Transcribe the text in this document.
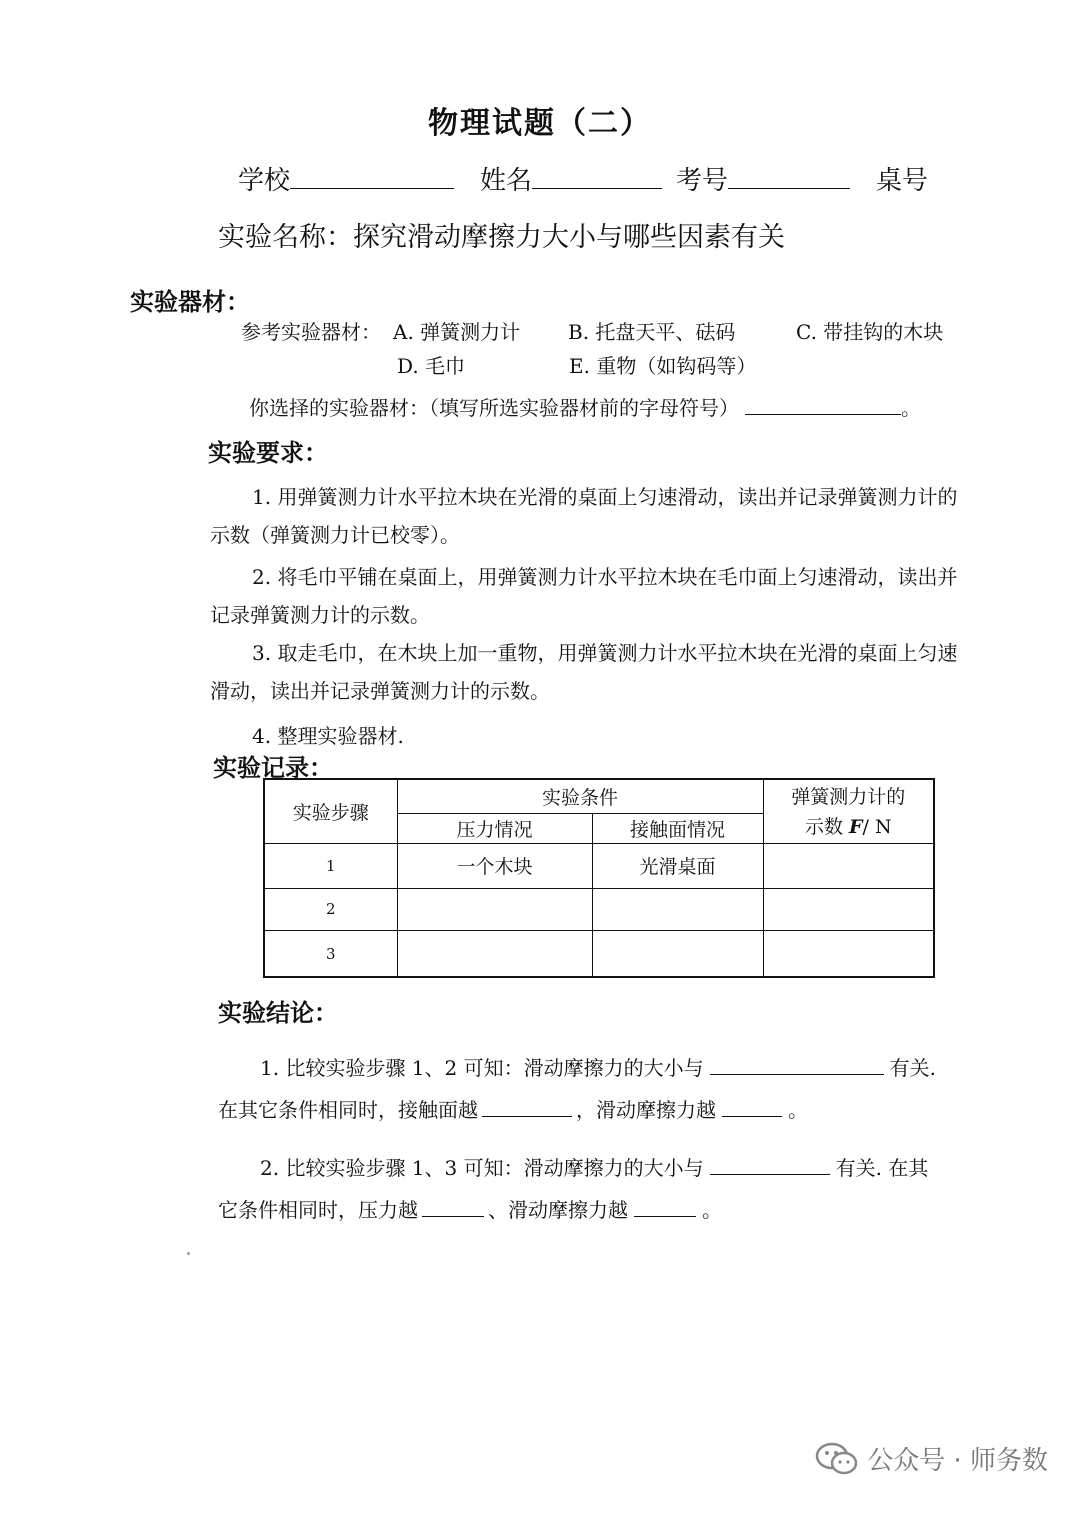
物理试题（二）
学校	姓名	考号	桌号
实验名称：探究滑动摩擦力大小与哪些因素有关
实验器材：
参考实验器材： A. 弹簧测力计 B. 托盘天平、砝码	C. 带挂钩的木块
D. 毛巾	E. 重物（如钩码等）
你选择的实验器材：（填写所选实验器材前的字母符号）	。
实验要求：
1. 用弹簧测力计水平拉木块在光滑的桌面上匀速滑动，读出并记录弹簧测力计的示数（弹簧测力计已校零）。
2. 将毛巾平铺在桌面上，用弹簧测力计水平拉木块在毛巾面上匀速滑动，读出并记录弹簧测力计的示数。
3. 取走毛巾，在木块上加一重物，用弹簧测力计水平拉木块在光滑的桌面上匀速滑动，读出并记录弹簧测力计的示数。
4. 整理实验器材.
实验记录：
实验步骤	实验条件		弹簧测力计的
示数 F/ N

	压力情况	接触面情况	
1	一个木块	光滑桌面	
2			
3			
实验结论：
1. 比较实验步骤 1、2 可知：滑动摩擦力的大小与	有关.
在其它条件相同时，接触面越	，滑动摩擦力越	。
2. 比较实验步骤 1、3 可知：滑动摩擦力的大小与	有关. 在其
它条件相同时，压力越	、滑动摩擦力越	。
公众号 · 师务数
